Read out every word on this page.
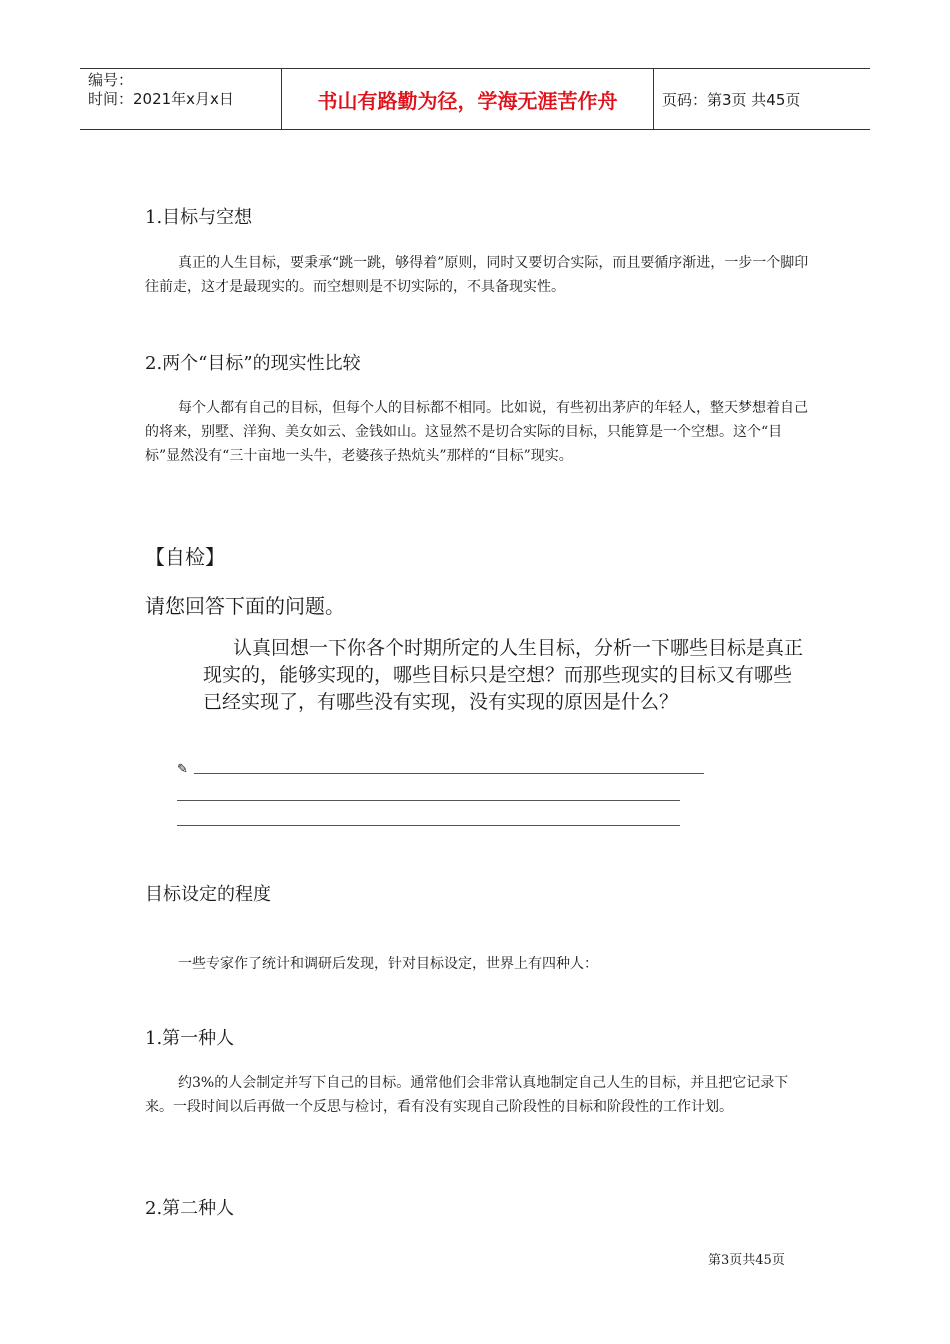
编号：
时间：2021年x月x日	书山有路勤为径，学海无涯苦作舟	页码：第3页 共45页
1.目标与空想
真正的人生目标，要秉承“跳一跳，够得着”原则，同时又要切合实际，而且要循序渐进，一步一个脚印往前走，这才是最现实的。而空想则是不切实际的，不具备现实性。
2.两个“目标”的现实性比较
每个人都有自己的目标，但每个人的目标都不相同。比如说，有些初出茅庐的年轻人，整天梦想着自己的将来，别墅、洋狗、美女如云、金钱如山。这显然不是切合实际的目标，只能算是一个空想。这个“目标”显然没有“三十亩地一头牛，老婆孩子热炕头”那样的“目标”现实。
【自检】
请您回答下面的问题。
认真回想一下你各个时期所定的人生目标，分析一下哪些目标是真正现实的，能够实现的，哪些目标只是空想？而那些现实的目标又有哪些已经实现了，有哪些没有实现，没有实现的原因是什么？
✎
目标设定的程度
一些专家作了统计和调研后发现，针对目标设定，世界上有四种人：
1.第一种人
约3%的人会制定并写下自己的目标。通常他们会非常认真地制定自己人生的目标，并且把它记录下来。一段时间以后再做一个反思与检讨，看有没有实现自己阶段性的目标和阶段性的工作计划。
2.第二种人
第3页共45页
